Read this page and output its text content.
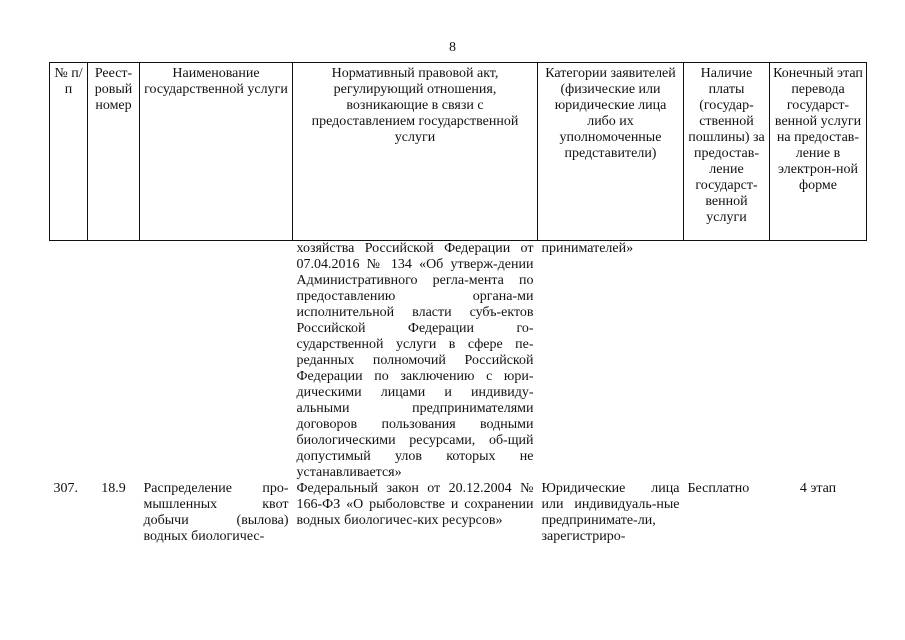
8
№ п/п	Реест-ровый номер	Наименование государственной услуги	Нормативный правовой акт, регулирующий отношения, возникающие в связи с предоставлением государственной услуги	Категории заявителей (физические или юридические лица либо их уполномоченные представители)	Наличие платы (государ-ственной пошлины) за предостав-ление государст-венной услуги	Конечный этап перевода государст-венной услуги на предостав-ление в электрон-ной форме
			хозяйства Российской Федерации от 07.04.2016 № 134 «Об утверж-дении Административного регла-мента по предоставлению органа-ми исполнительной власти субъ-ектов Российской Федерации го-сударственной услуги в сфере пе-реданных полномочий Российской Федерации по заключению с юри-дическими лицами и индивиду-альными предпринимателями договоров пользования водными биологическими ресурсами, об-щий допустимый улов которых не устанавливается»	принимателей»		
307.	18.9	Распределение про-мышленных квот добычи (вылова) водных биологичес-	Федеральный закон от 20.12.2004 № 166-ФЗ «О рыболовстве и сохранении водных биологичес-ких ресурсов»	Юридические лица или индивидуаль-ные предпринимате-ли, зарегистриро-	Бесплатно	4 этап
